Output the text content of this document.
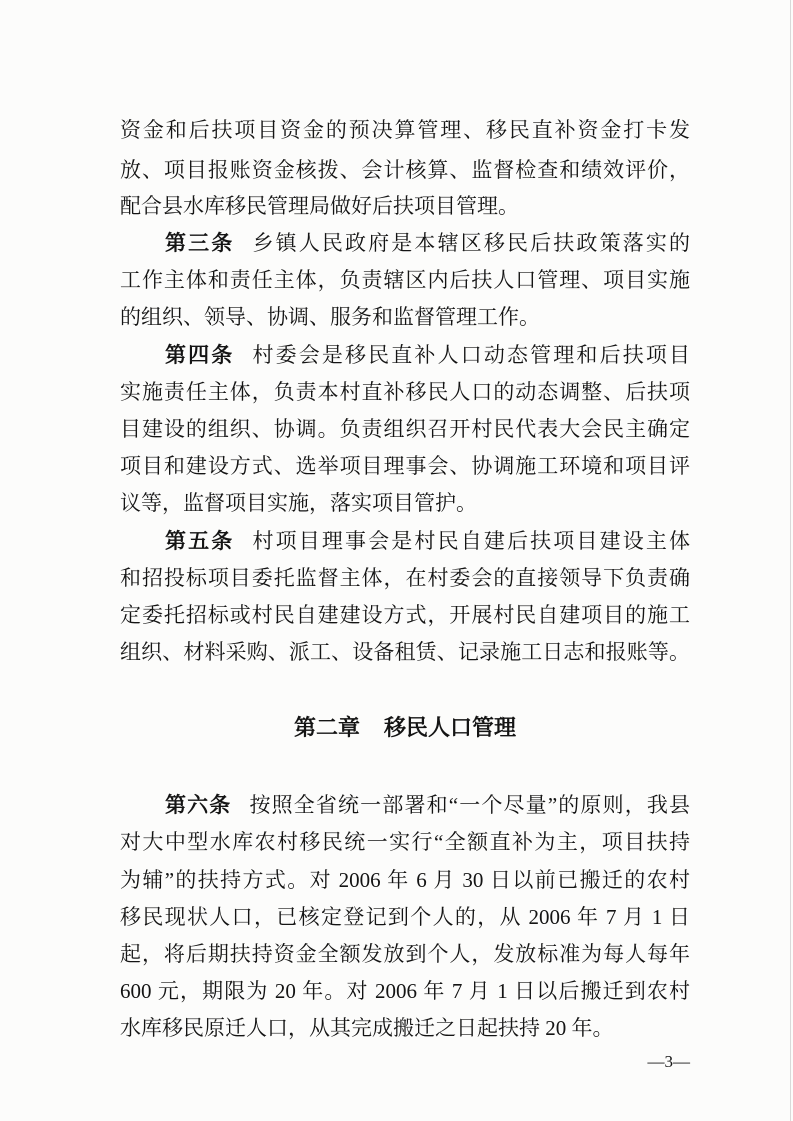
资金和后扶项目资金的预决算管理、移民直补资金打卡发
放、项目报账资金核拨、会计核算、监督检查和绩效评价，
配合县水库移民管理局做好后扶项目管理。
第三条 乡镇人民政府是本辖区移民后扶政策落实的
工作主体和责任主体，负责辖区内后扶人口管理、项目实施
的组织、领导、协调、服务和监督管理工作。
第四条 村委会是移民直补人口动态管理和后扶项目
实施责任主体，负责本村直补移民人口的动态调整、后扶项
目建设的组织、协调。负责组织召开村民代表大会民主确定
项目和建设方式、选举项目理事会、协调施工环境和项目评
议等，监督项目实施，落实项目管护。
第五条 村项目理事会是村民自建后扶项目建设主体
和招投标项目委托监督主体，在村委会的直接领导下负责确
定委托招标或村民自建建设方式，开展村民自建项目的施工
组织、材料采购、派工、设备租赁、记录施工日志和报账等。
第二章 移民人口管理
第六条 按照全省统一部署和“一个尽量”的原则，我县
对大中型水库农村移民统一实行“全额直补为主，项目扶持
为辅”的扶持方式。对 2006 年 6 月 30 日以前已搬迁的农村
移民现状人口，已核定登记到个人的，从 2006 年 7 月 1 日
起，将后期扶持资金全额发放到个人，发放标准为每人每年
600 元，期限为 20 年。对 2006 年 7 月 1 日以后搬迁到农村
水库移民原迁人口，从其完成搬迁之日起扶持 20 年。
—3—
